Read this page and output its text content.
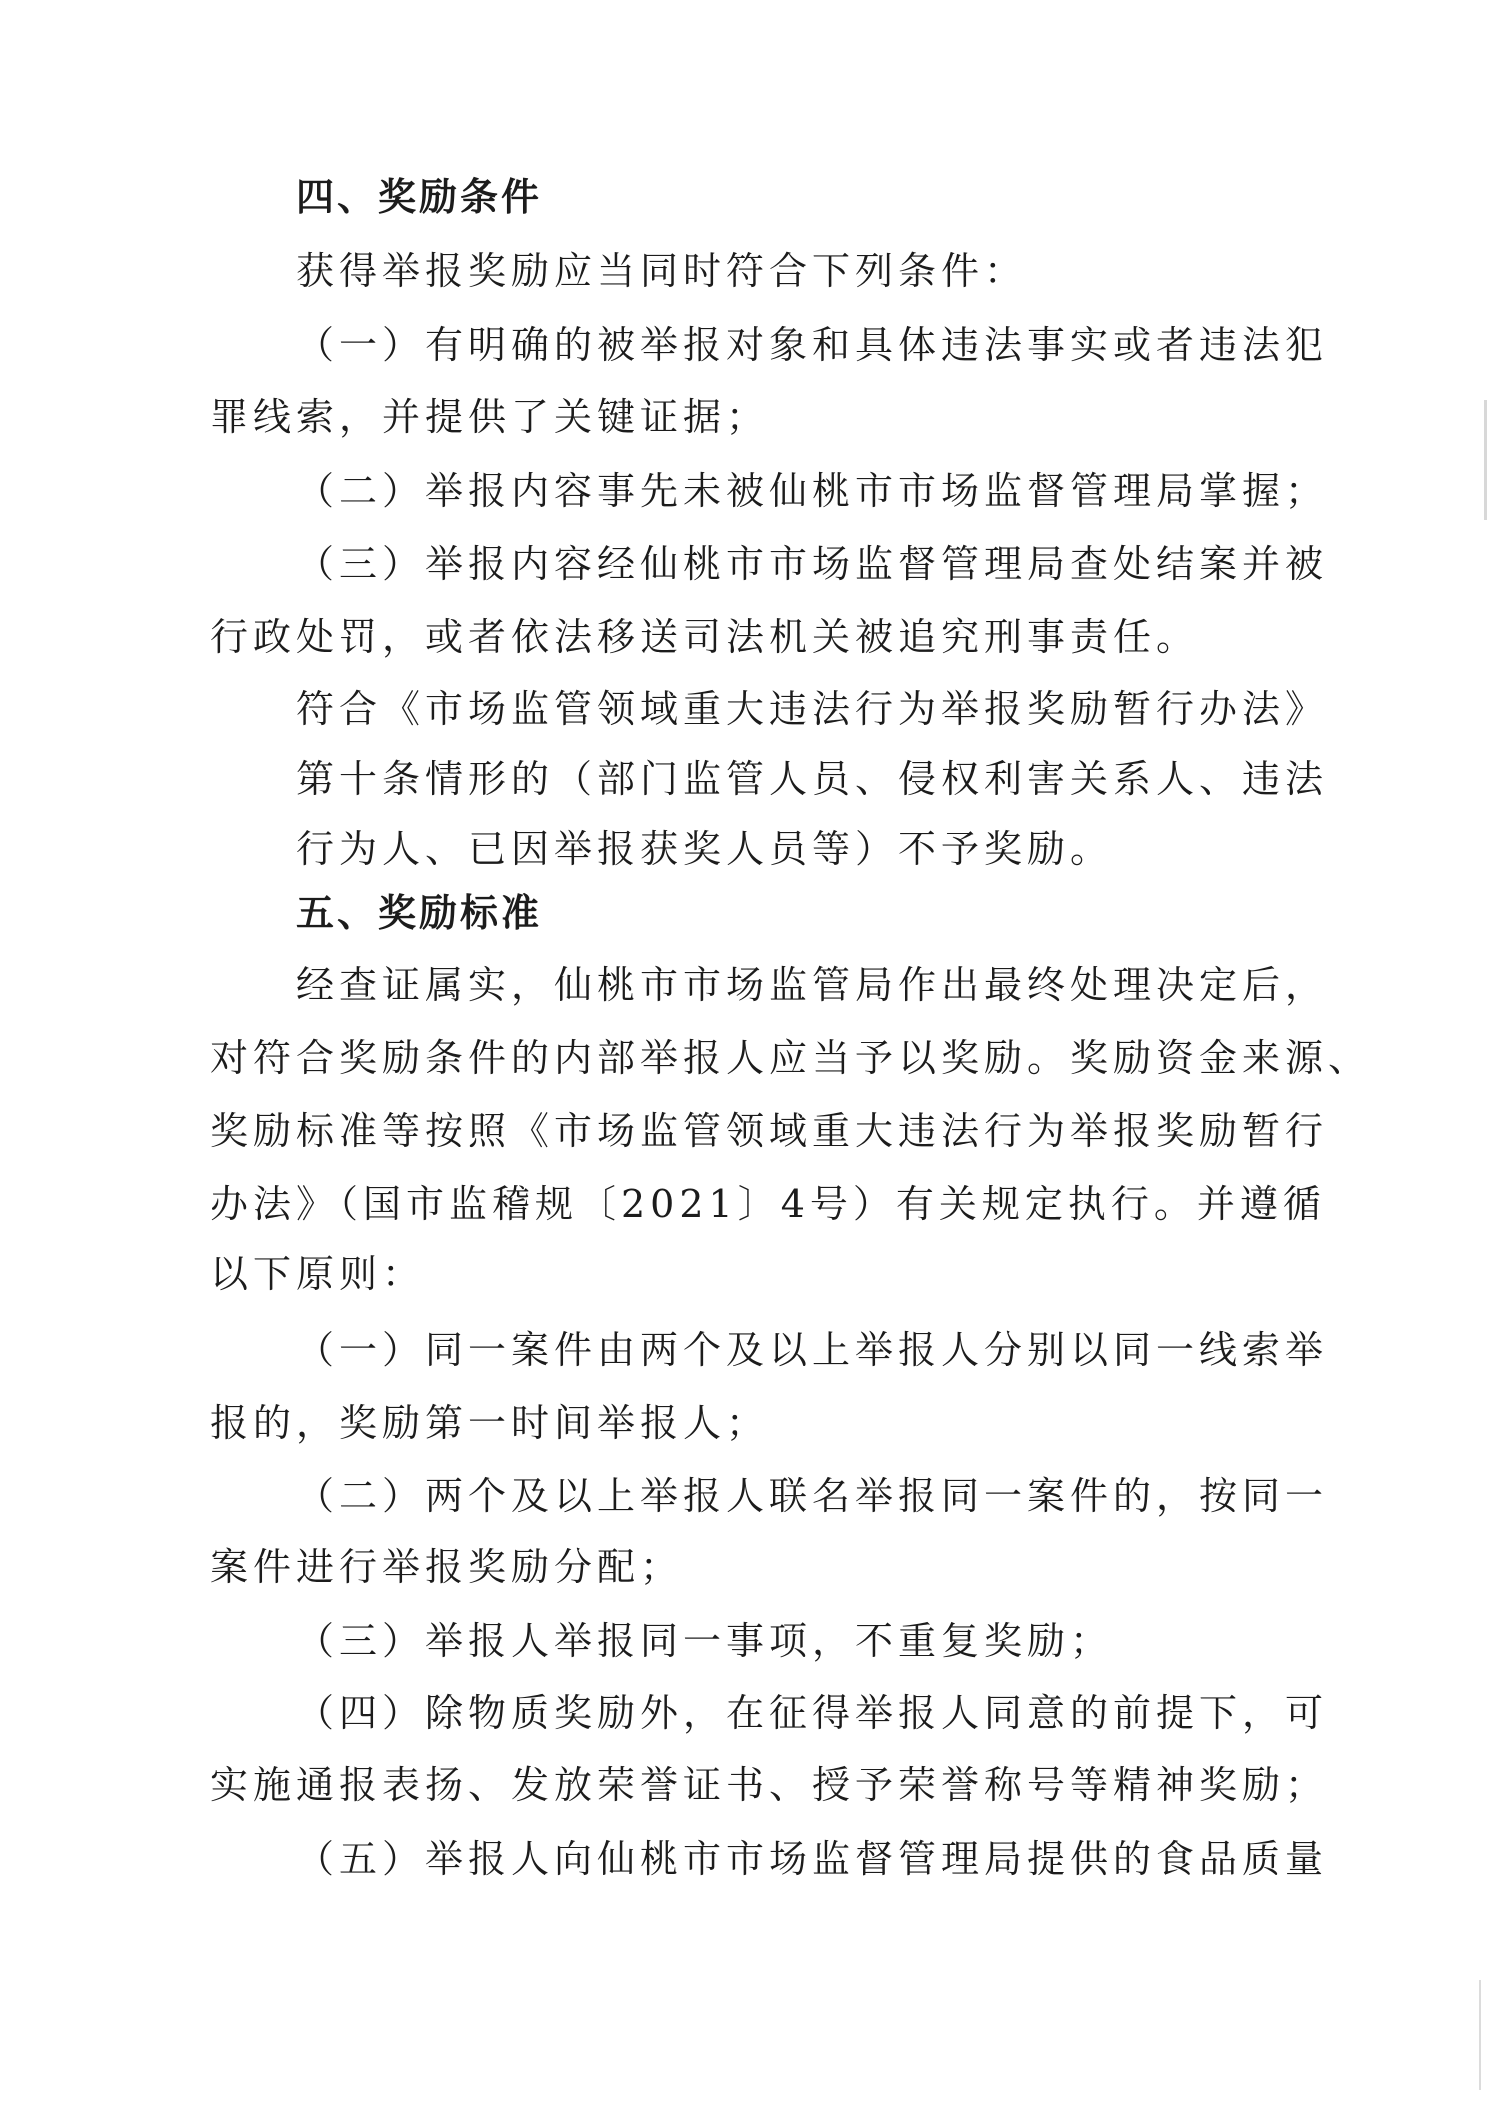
四、奖励条件
获得举报奖励应当同时符合下列条件：
（一）有明确的被举报对象和具体违法事实或者违法犯
罪线索，并提供了关键证据；
（二）举报内容事先未被仙桃市市场监督管理局掌握；
（三）举报内容经仙桃市市场监督管理局查处结案并被
行政处罚，或者依法移送司法机关被追究刑事责任。
符合《市场监管领域重大违法行为举报奖励暂行办法》
第十条情形的（部门监管人员、侵权利害关系人、违法
行为人、已因举报获奖人员等）不予奖励。
五、奖励标准
经查证属实，仙桃市市场监管局作出最终处理决定后，
对符合奖励条件的内部举报人应当予以奖励。奖励资金来源、
奖励标准等按照《市场监管领域重大违法行为举报奖励暂行
办法》（国市监稽规〔2021〕4号）有关规定执行。并遵循
以下原则：
（一）同一案件由两个及以上举报人分别以同一线索举
报的，奖励第一时间举报人；
（二）两个及以上举报人联名举报同一案件的，按同一
案件进行举报奖励分配；
（三）举报人举报同一事项，不重复奖励；
（四）除物质奖励外，在征得举报人同意的前提下，可
实施通报表扬、发放荣誉证书、授予荣誉称号等精神奖励；
（五）举报人向仙桃市市场监督管理局提供的食品质量
